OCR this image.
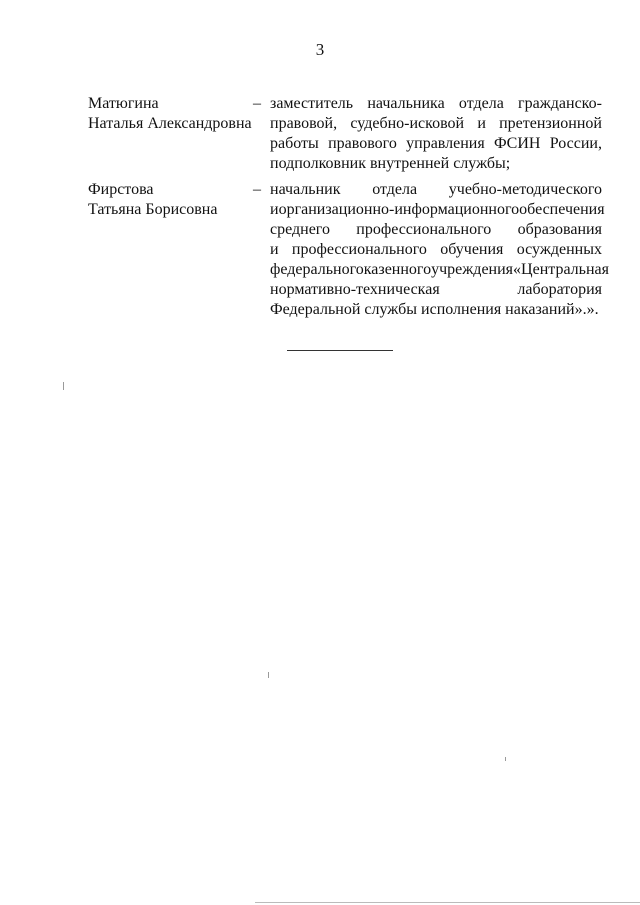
3
Матюгина
Наталья Александровна
– заместитель начальника отдела гражданско-
правовой, судебно-исковой и претензионной
работы правового управления ФСИН России,
подполковник внутренней службы;
Фирстова
Татьяна Борисовна
– начальник отдела учебно-методического
и организационно-информационного обеспечения
среднего профессионального образования
и профессионального обучения осужденных
федерального казенного учреждения «Центральная
нормативно-техническая	лаборатория
Федеральной службы исполнения наказаний».».
